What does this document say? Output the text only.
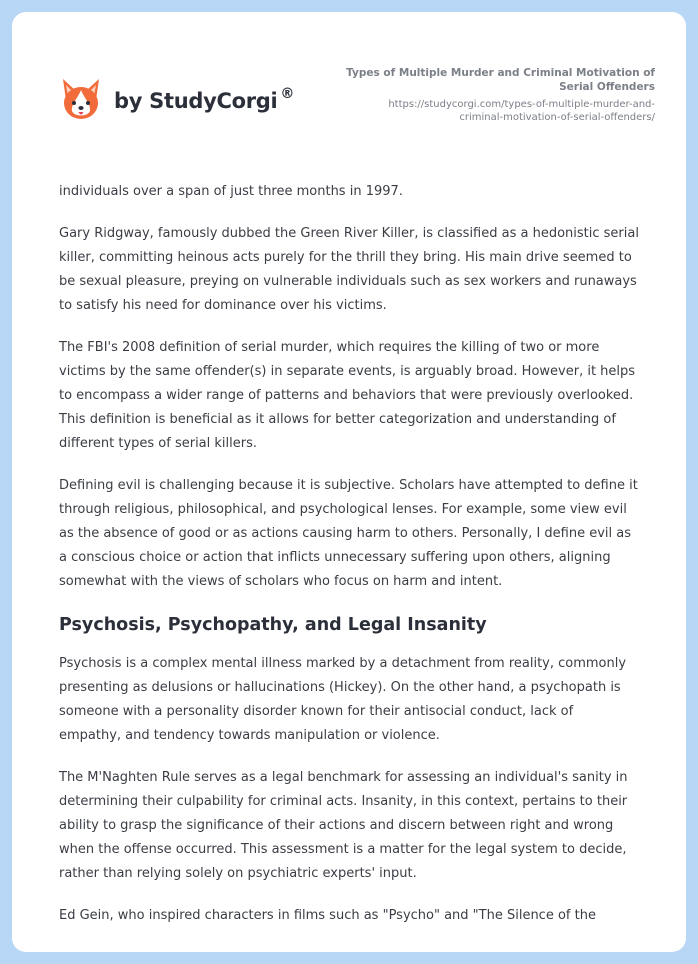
by StudyCorgi ®
Types of Multiple Murder and Criminal Motivation of Serial Offenders
https://studycorgi.com/types-of-multiple-murder-and-
criminal-motivation-of-serial-offenders/

individuals over a span of just three months in 1997.

Gary Ridgway, famously dubbed the Green River Killer, is classified as a hedonistic serial killer, committing heinous acts purely for the thrill they bring. His main drive seemed to be sexual pleasure, preying on vulnerable individuals such as sex workers and runaways to satisfy his need for dominance over his victims.

The FBI's 2008 definition of serial murder, which requires the killing of two or more victims by the same offender(s) in separate events, is arguably broad. However, it helps to encompass a wider range of patterns and behaviors that were previously overlooked. This definition is beneficial as it allows for better categorization and understanding of different types of serial killers.

Defining evil is challenging because it is subjective. Scholars have attempted to define it through religious, philosophical, and psychological lenses. For example, some view evil as the absence of good or as actions causing harm to others. Personally, I define evil as a conscious choice or action that inflicts unnecessary suffering upon others, aligning somewhat with the views of scholars who focus on harm and intent.

Psychosis, Psychopathy, and Legal Insanity

Psychosis is a complex mental illness marked by a detachment from reality, commonly presenting as delusions or hallucinations (Hickey). On the other hand, a psychopath is someone with a personality disorder known for their antisocial conduct, lack of empathy, and tendency towards manipulation or violence.

The M'Naghten Rule serves as a legal benchmark for assessing an individual's sanity in determining their culpability for criminal acts. Insanity, in this context, pertains to their ability to grasp the significance of their actions and discern between right and wrong when the offense occurred. This assessment is a matter for the legal system to decide, rather than relying solely on psychiatric experts' input.

Ed Gein, who inspired characters in films such as "Psycho" and "The Silence of the
